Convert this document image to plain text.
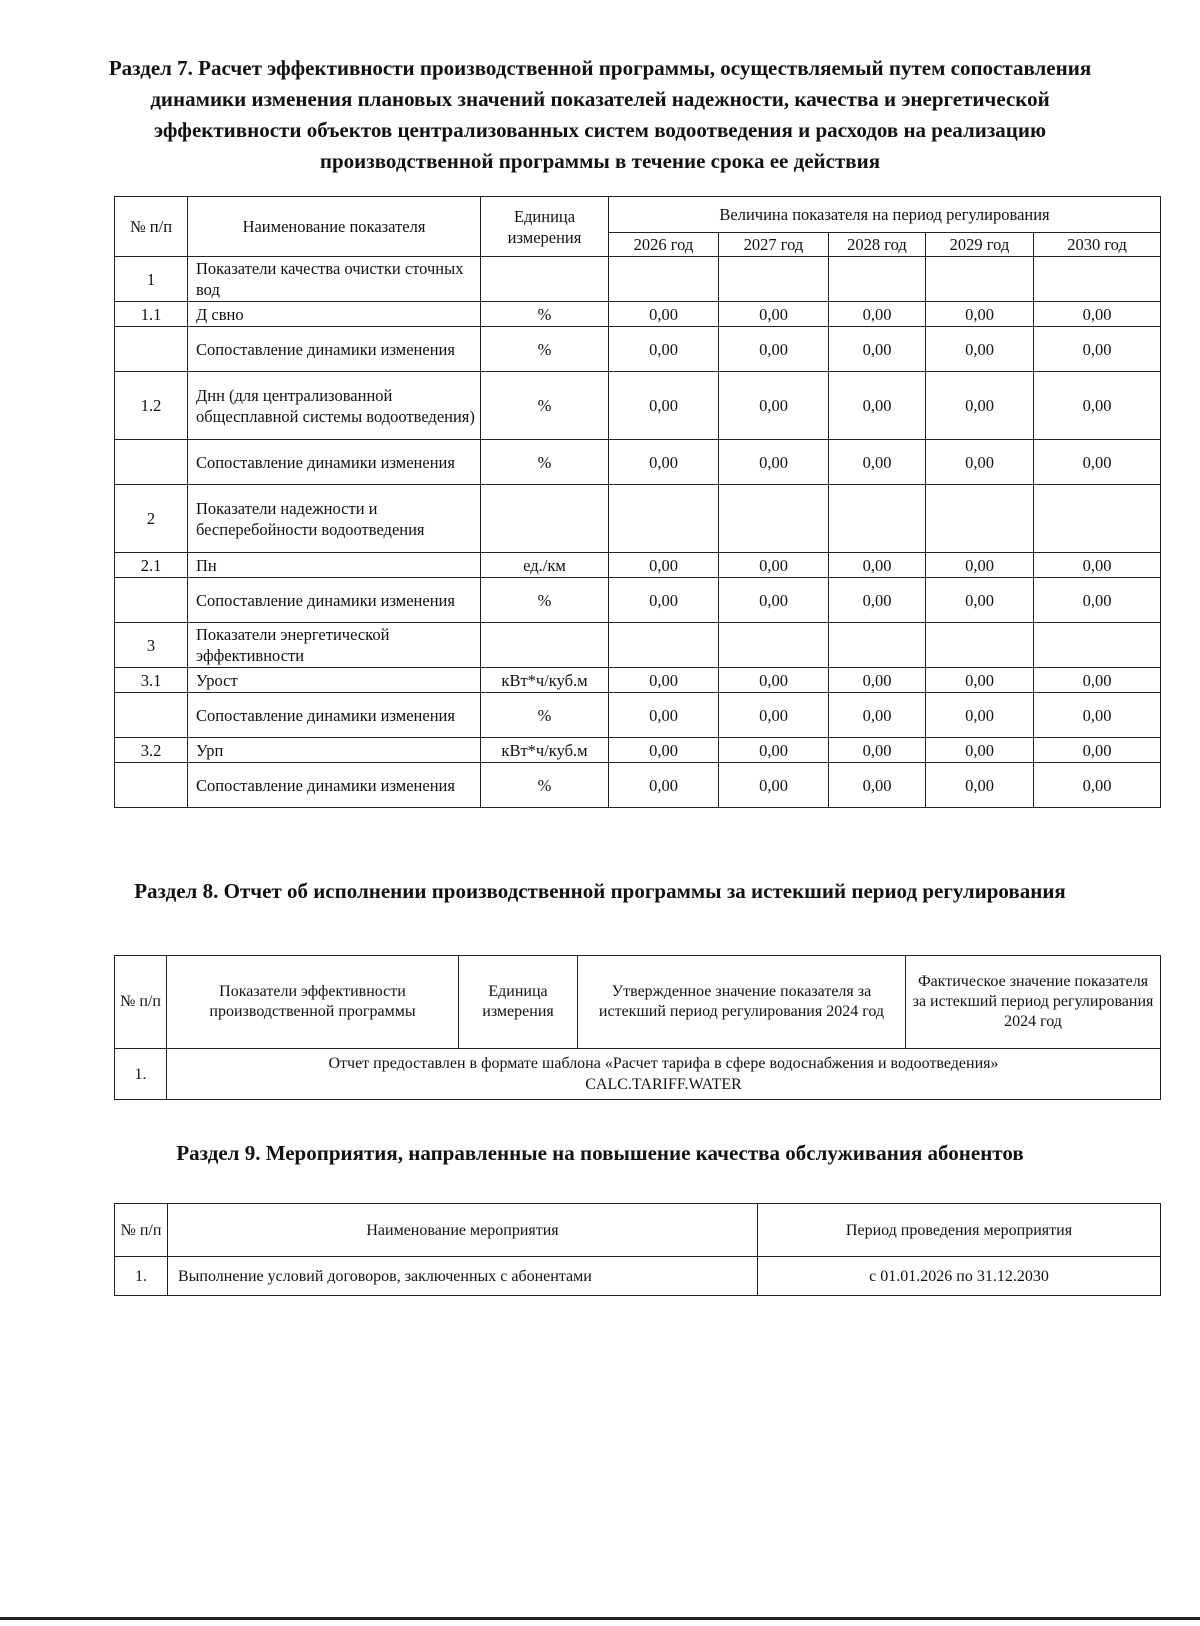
Раздел 7. Расчет эффективности производственной программы, осуществляемый путем сопоставления динамики изменения плановых значений показателей надежности, качества и энергетической эффективности объектов централизованных систем водоотведения и расходов на реализацию производственной программы в течение срока ее действия
№ п/п	Наименование показателя	Единица измерения	Величина показателя на период регулирования				
			2026 год	2027 год	2028 год	2029 год	2030 год
1	Показатели качества очистки сточных вод						
1.1	Д свно	%	0,00	0,00	0,00	0,00	0,00
	Сопоставление динамики изменения	%	0,00	0,00	0,00	0,00	0,00
1.2	Днн (для централизованной общесплавной системы водоотведения)	%	0,00	0,00	0,00	0,00	0,00
	Сопоставление динамики изменения	%	0,00	0,00	0,00	0,00	0,00
2	Показатели надежности и бесперебойности водоотведения						
2.1	Пн	ед./км	0,00	0,00	0,00	0,00	0,00
	Сопоставление динамики изменения	%	0,00	0,00	0,00	0,00	0,00
3	Показатели энергетической эффективности						
3.1	Урост	кВт*ч/куб.м	0,00	0,00	0,00	0,00	0,00
	Сопоставление динамики изменения	%	0,00	0,00	0,00	0,00	0,00
3.2	Урп	кВт*ч/куб.м	0,00	0,00	0,00	0,00	0,00
	Сопоставление динамики изменения	%	0,00	0,00	0,00	0,00	0,00
Раздел 8. Отчет об исполнении производственной программы за истекший период регулирования
№ п/п	Показатели эффективности производственной программы	Единица измерения	Утвержденное значение показателя за истекший период регулирования 2024 год	Фактическое значение показателя за истекший период регулирования 2024 год
1.	Отчет предоставлен в формате шаблона «Расчет тарифа в сфере водоснабжения и водоотведения»
CALC.TARIFF.WATER			
Раздел 9. Мероприятия, направленные на повышение качества обслуживания абонентов
№ п/п	Наименование мероприятия	Период проведения мероприятия
1.	Выполнение условий договоров, заключенных с абонентами	с 01.01.2026 по 31.12.2030
